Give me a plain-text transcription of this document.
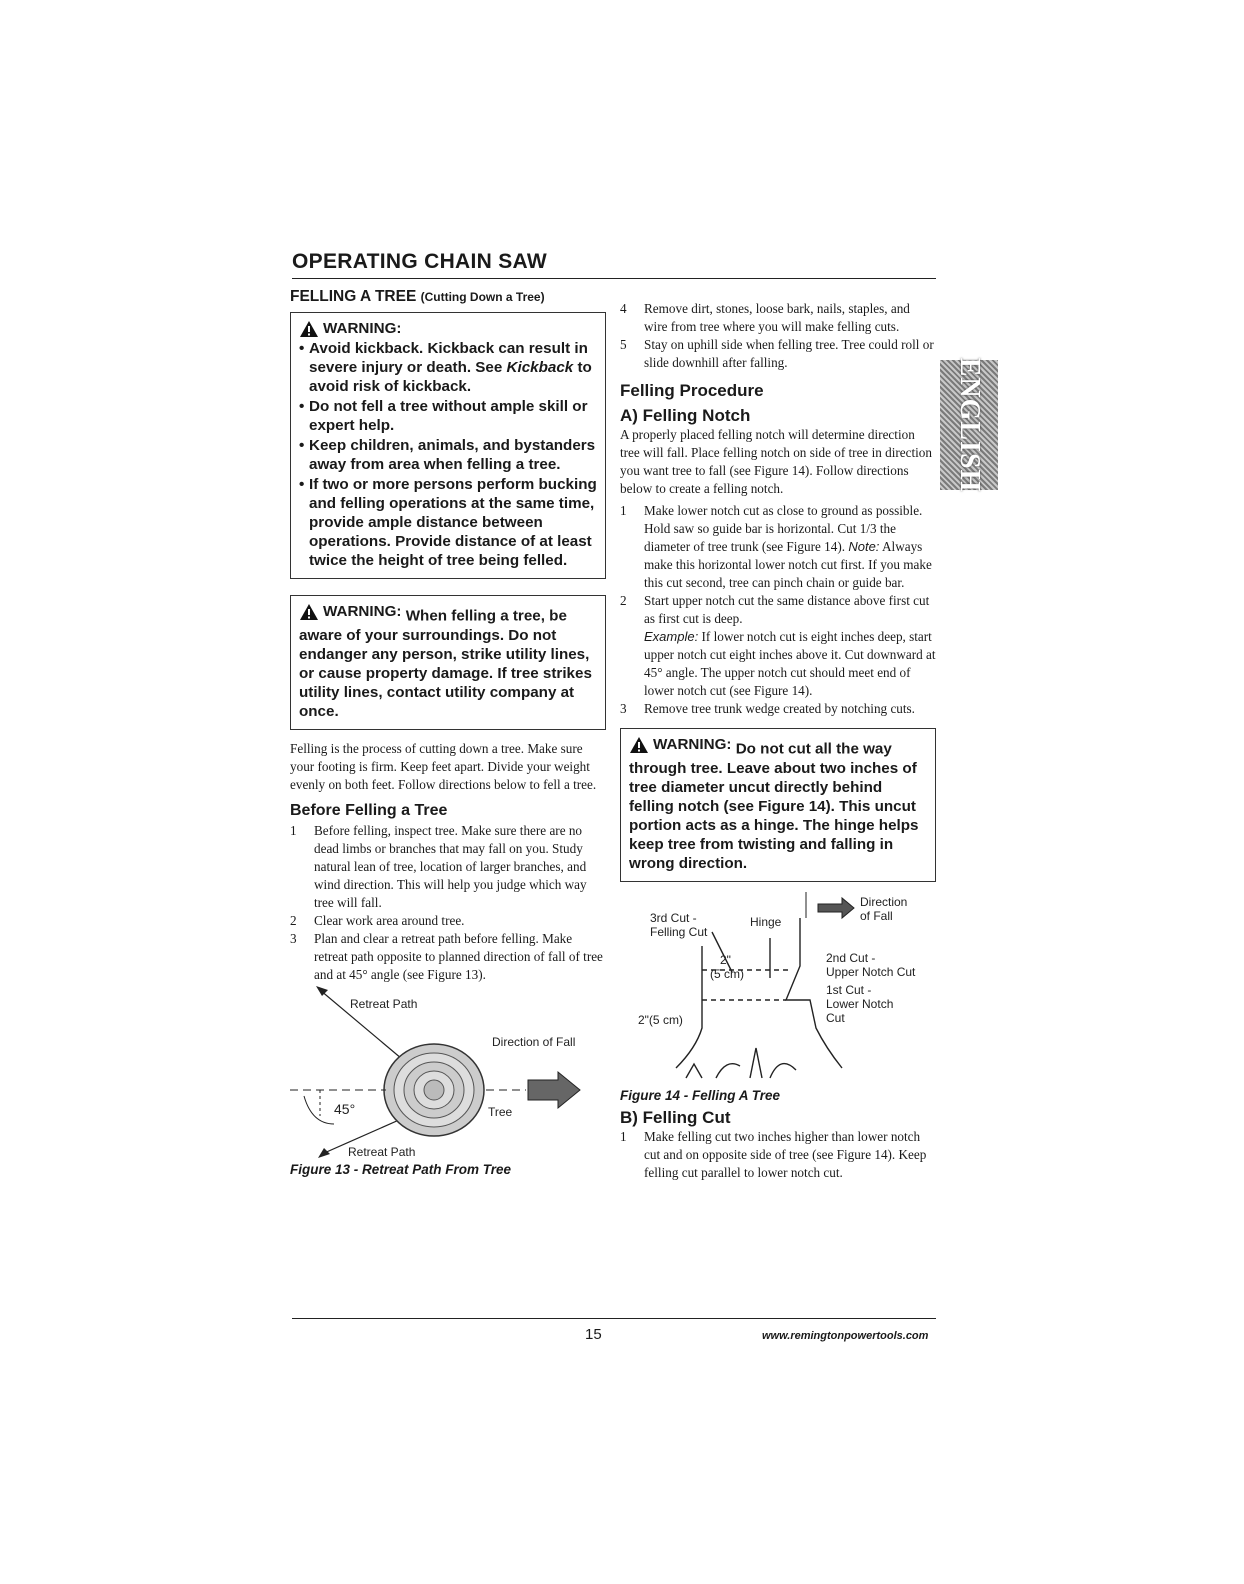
OPERATING CHAIN SAW
FELLING A TREE (Cutting Down a Tree)
WARNING:
• Avoid kickback. Kickback can result in severe injury or death. See Kickback to avoid risk of kickback.
• Do not fell a tree without ample skill or expert help.
• Keep children, animals, and bystanders away from area when felling a tree.
• If two or more persons perform bucking and felling operations at the same time, provide ample distance between operations. Provide distance of at least twice the height of tree being felled.
WARNING: When felling a tree, be aware of your surroundings. Do not endanger any person, strike utility lines, or cause property damage. If tree strikes utility lines, contact utility company at once.
Felling is the process of cutting down a tree. Make sure your footing is firm. Keep feet apart. Divide your weight evenly on both feet. Follow directions below to fell a tree.
Before Felling a Tree
1	Before felling, inspect tree. Make sure there are no dead limbs or branches that may fall on you. Study natural lean of tree, location of larger branches, and wind direction. This will help you judge which way tree will fall.
2	Clear work area around tree.
3	Plan and clear a retreat path before felling. Make retreat path opposite to planned direction of fall of tree and at 45° angle (see Figure 13).
Retreat Path
Direction of Fall
45°	Tree
Retreat Path
Figure 13 - Retreat Path From Tree
4	Remove dirt, stones, loose bark, nails, staples, and wire from tree where you will make felling cuts.
5	Stay on uphill side when felling tree. Tree could roll or slide downhill after falling.
Felling Procedure
A) Felling Notch
A properly placed felling notch will determine direction tree will fall. Place felling notch on side of tree in direction you want tree to fall (see Figure 14). Follow directions below to create a felling notch.
1	Make lower notch cut as close to ground as possible. Hold saw so guide bar is horizontal. Cut 1/3 the diameter of tree trunk (see Figure 14). Note: Always make this horizontal lower notch cut first. If you make this cut second, tree can pinch chain or guide bar.
2	Start upper notch cut the same distance above first cut as first cut is deep.
Example: If lower notch cut is eight inches deep, start upper notch cut eight inches above it. Cut downward at 45° angle. The upper notch cut should meet end of lower notch cut (see Figure 14).
3	Remove tree trunk wedge created by notching cuts.
WARNING: Do not cut all the way through tree. Leave about two inches of tree diameter uncut directly behind felling notch (see Figure 14). This uncut portion acts as a hinge. The hinge helps keep tree from twisting and falling in wrong direction.
Direction
of Fall
3rd Cut -
Felling Cut
Hinge
2nd Cut -
Upper Notch Cut
1st Cut -
Lower Notch
Cut
2"
(5 cm)
2"(5 cm)
Figure 14 - Felling A Tree
B) Felling Cut
1	Make felling cut two inches higher than lower notch cut and on opposite side of tree (see Figure 14). Keep felling cut parallel to lower notch cut.
ENGLISH
15	www.remingtonpowertools.com
